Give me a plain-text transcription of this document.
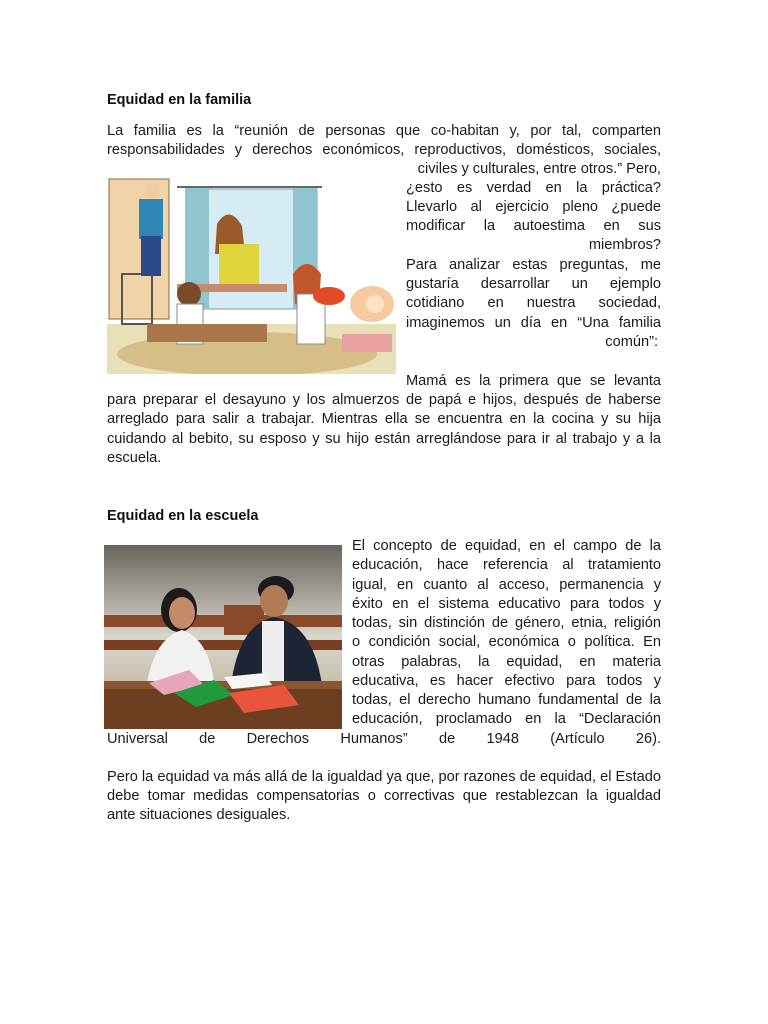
Equidad en la familia
La familia es la “reunión de personas que co-habitan y, por tal, comparten
responsabilidades y derechos económicos, reproductivos, domésticos, sociales,
civiles y culturales, entre otros.” Pero,
¿esto es verdad en la práctica?
Llevarlo al ejercicio pleno ¿puede
modificar la autoestima en sus
miembros?
Para analizar estas preguntas, me
gustaría desarrollar un ejemplo
cotidiano en nuestra sociedad,
imaginemos un día en “Una familia
común”:
Mamá es la primera que se levanta
para preparar el desayuno y los almuerzos de papá e hijos, después de haberse
arreglado para salir a trabajar. Mientras ella se encuentra en la cocina y su hija
cuidando al bebito, su esposo y su hijo están arreglándose para ir al trabajo y a la
escuela.
Equidad en la escuela
El concepto de equidad, en el campo de la
educación, hace referencia al tratamiento
igual, en cuanto al acceso, permanencia y
éxito en el sistema educativo para todos y
todas, sin distinción de género, etnia, religión
o condición social, económica o política. En
otras palabras, la equidad, en materia
educativa, es hacer efectivo para todos y
todas, el derecho humano fundamental de la
educación, proclamado en la “Declaración
Universal de Derechos Humanos” de 1948 (Artículo 26).
Pero la equidad va más allá de la igualdad ya que, por razones de equidad, el Estado
debe tomar medidas compensatorias o correctivas que restablezcan la igualdad
ante situaciones desiguales.
